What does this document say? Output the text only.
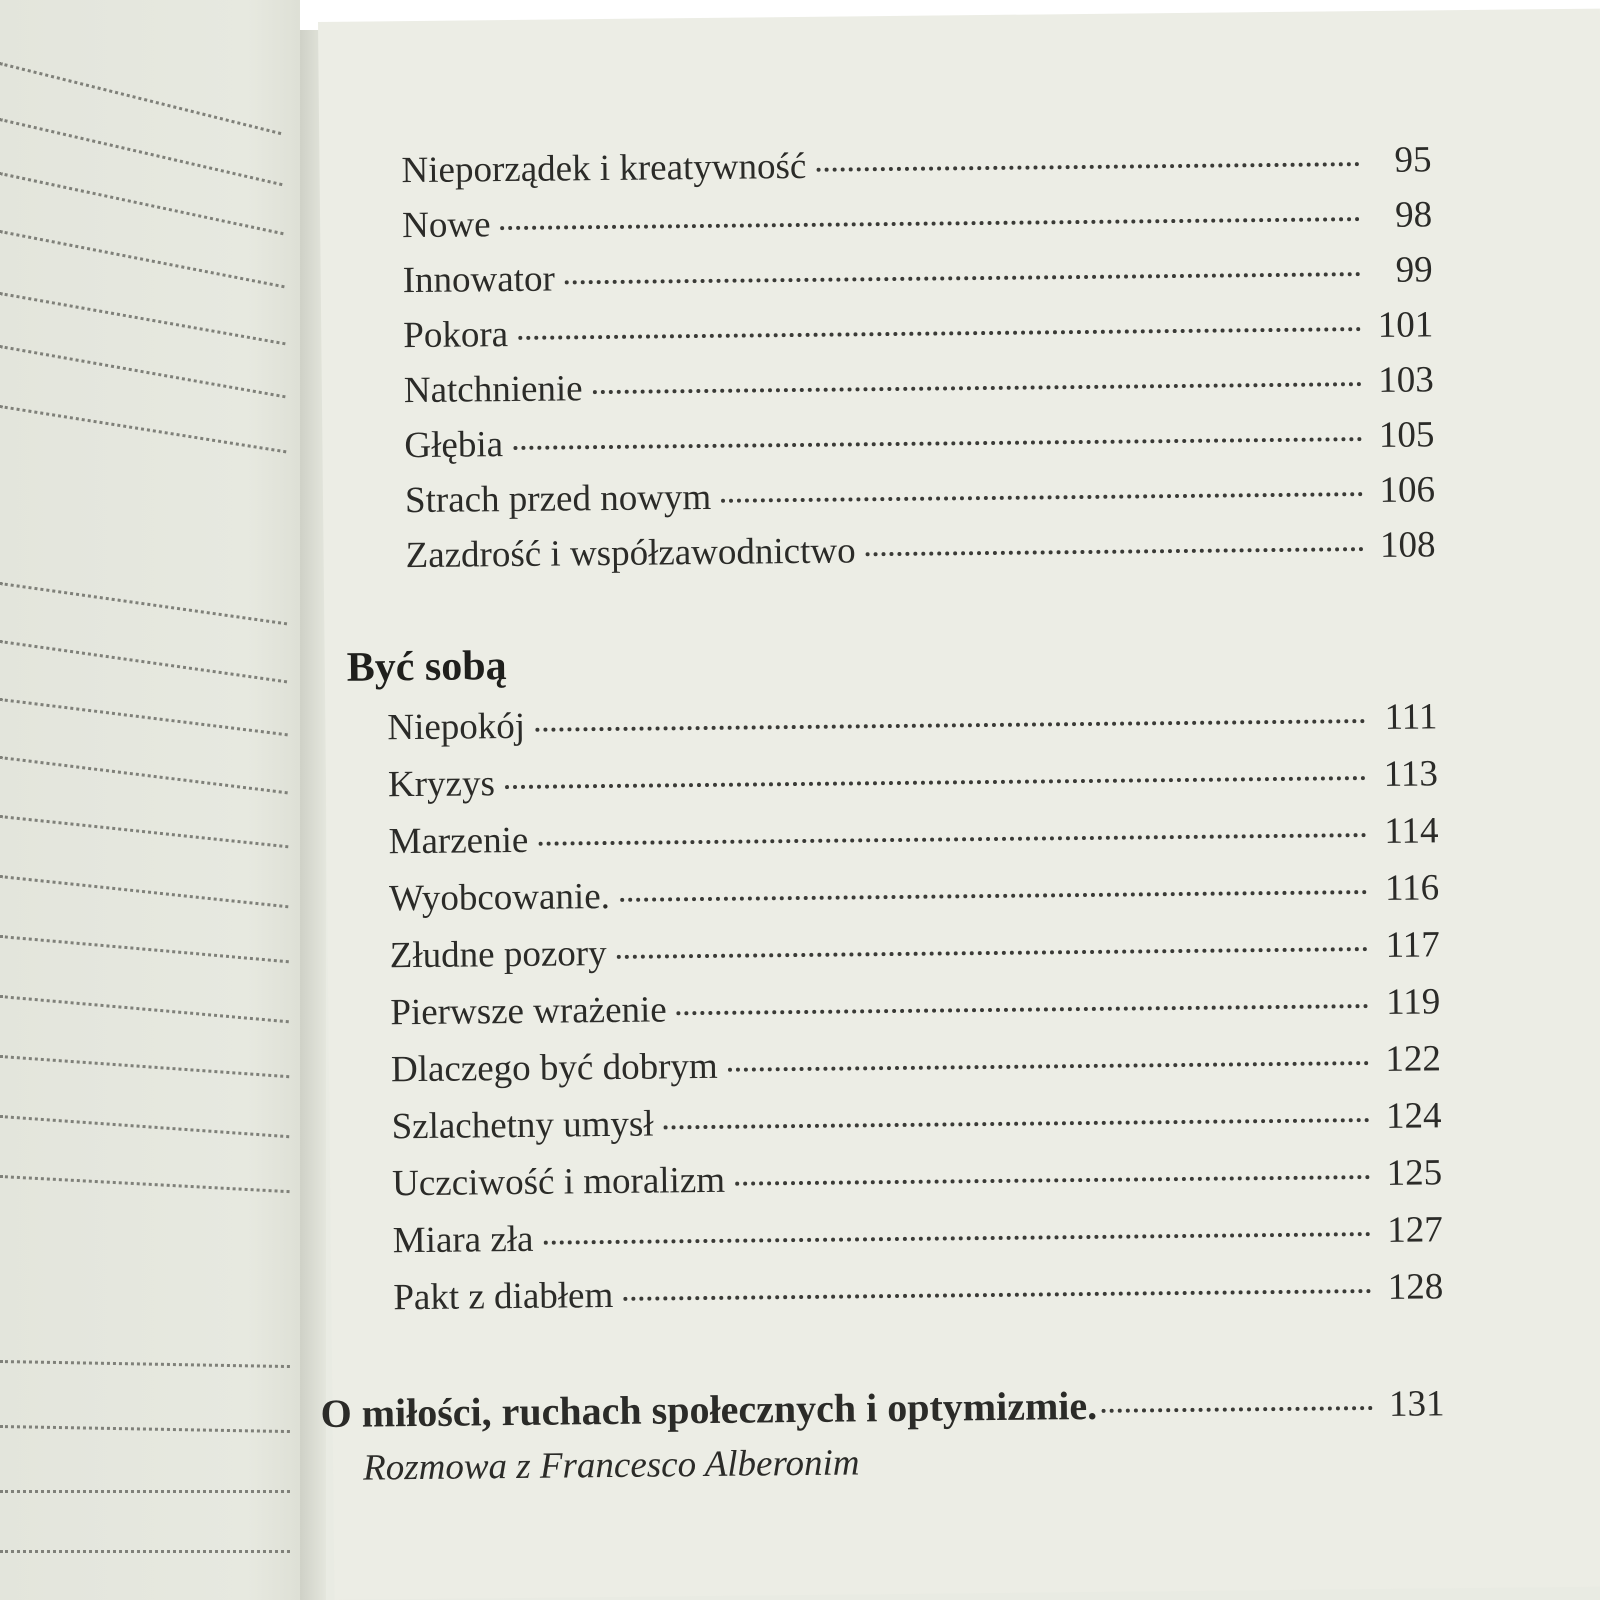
Nieporządek i kreatywność	95
Nowe	98
Innowator	99
Pokora	101
Natchnienie	103
Głębia	105
Strach przed nowym	106
Zazdrość i współzawodnictwo	108
Być sobą
Niepokój	111
Kryzys	113
Marzenie	114
Wyobcowanie.	116
Złudne pozory	117
Pierwsze wrażenie	119
Dlaczego być dobrym	122
Szlachetny umysł	124
Uczciwość i moralizm	125
Miara zła	127
Pakt z diabłem	128
O miłości, ruchach społecznych i optymizmie.	131
Rozmowa z Francesco Alberonim
